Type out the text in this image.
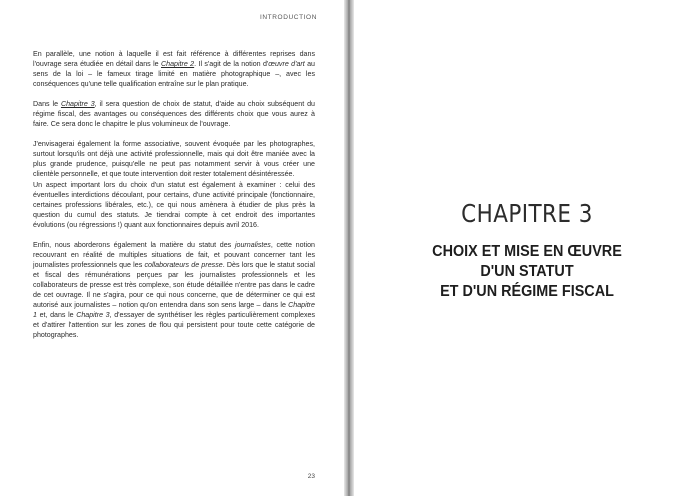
INTRODUCTION

En parallèle, une notion à laquelle il est fait référence à différentes reprises dans l'ouvrage sera étudiée en détail dans le Chapitre 2. Il s'agit de la notion d'œuvre d'art au sens de la loi – le fameux tirage limité en matière photographique –, avec les conséquences qu'une telle qualification entraîne sur le plan pratique.

Dans le Chapitre 3, il sera question de choix de statut, d'aide au choix subséquent du régime fiscal, des avantages ou conséquences des différents choix que vous aurez à faire. Ce sera donc le chapitre le plus volumineux de l'ouvrage.

J'envisagerai également la forme associative, souvent évoquée par les photographes, surtout lorsqu'ils ont déjà une activité professionnelle, mais qui doit être maniée avec la plus grande prudence, puisqu'elle ne peut pas notamment servir à vous créer une clientèle personnelle, et que toute intervention doit rester totalement désintéressée.

Un aspect important lors du choix d'un statut est également à examiner : celui des éventuelles interdictions découlant, pour certains, d'une activité principale (fonctionnaire, certaines professions libérales, etc.), ce qui nous amènera à étudier de plus près la question du cumul des statuts. Je tiendrai compte à cet endroit des importantes évolutions (ou régressions !) quant aux fonctionnaires depuis avril 2016.

Enfin, nous aborderons également la matière du statut des journalistes, cette notion recouvrant en réalité de multiples situations de fait, et pouvant concerner tant les journalistes professionnels que les collaborateurs de presse. Dès lors que le statut social et fiscal des rémunérations perçues par les journalistes professionnels et les collaborateurs de presse est très complexe, son étude détaillée n'entre pas dans le cadre de cet ouvrage. Il ne s'agira, pour ce qui nous concerne, que de déterminer ce qui est autorisé aux journalistes – notion qu'on entendra dans son sens large – dans le Chapitre 1 et, dans le Chapitre 3, d'essayer de synthétiser les règles particulièrement complexes et d'attirer l'attention sur les zones de flou qui persistent pour toute cette catégorie de photographes.

23
CHAPITRE 3
CHOIX ET MISE EN ŒUVRE
D'UN STATUT
ET D'UN RÉGIME FISCAL
